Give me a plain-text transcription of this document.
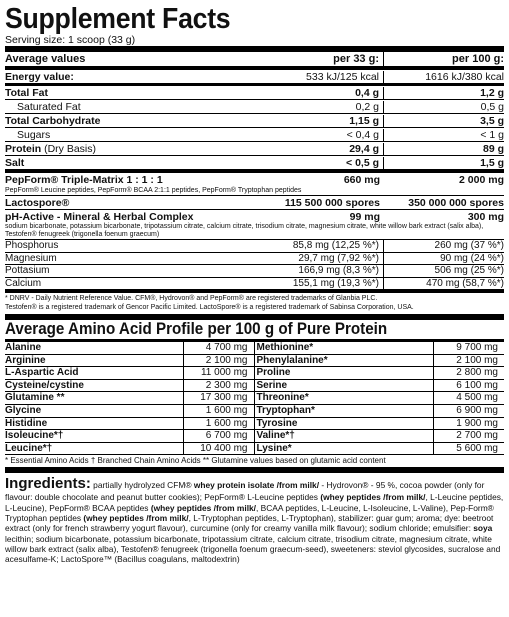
Supplement Facts
Serving size: 1 scoop (33 g)
Average values	per 33 g:	per 100 g:
Energy value:	533 kJ/125 kcal	1616 kJ/380 kcal
Total Fat	0,4 g	1,2 g
Saturated Fat	0,2 g	0,5 g
Total Carbohydrate	1,15 g	3,5 g
Sugars	< 0,4 g	< 1 g
Protein (Dry Basis)	29,4 g	89 g
Salt	< 0,5 g	1,5 g
PepForm® Triple-Matrix 1 : 1 : 1	660 mg	2 000 mg
PepForm® Leucine peptides, PepForm® BCAA 2:1:1 peptides, PepForm® Tryptophan peptides
Lactospore®	115 500 000 spores	350 000 000 spores
pH-Active - Mineral & Herbal Complex	99 mg	300 mg
sodium bicarbonate, potassium bicarbonate, tripotassium citrate, calcium citrate, trisodium citrate, magnesium citrate, white willow bark extract (salix alba), Testofen® fenugreek (trigonella foenum graecum)
Phosphorus	85,8 mg (12,25 %*)	260 mg (37 %*)
Magnesium	29,7 mg (7,92 %*)	90 mg (24 %*)
Pottasium	166,9 mg (8,3 %*)	506 mg (25 %*)
Calcium	155,1 mg (19,3 %*)	470 mg (58,7 %*)
* DNRV - Daily Nutrient Reference Value. CFM®, Hydrovon® and PepForm® are registered trademarks of Glanbia PLC.
Testofen® is a registered trademark of Gencor Pacific Limited. LactoSpore® is a registered trademark of Sabinsa Corporation, USA.
Average Amino Acid Profile per 100 g of Pure Protein
Alanine	4 700 mg
Arginine	2 100 mg
L-Aspartic Acid	11 000 mg
Cysteine/cystine	2 300 mg
Glutamine **	17 300 mg
Glycine	1 600 mg
Histidine	1 600 mg
Isoleucine*†	6 700 mg
Leucine*†	10 400 mg
Methionine*	9 700 mg
Phenylalanine*	2 100 mg
Proline	2 800 mg
Serine	6 100 mg
Threonine*	4 500 mg
Tryptophan*	6 900 mg
Tyrosine	1 900 mg
Valine*†	2 700 mg
Lysine*	5 600 mg
* Essential Amino Acids † Branched Chain Amino Acids ** Glutamine values based on glutamic acid content
Ingredients: partially hydrolyzed CFM® whey protein isolate /from milk/ - Hydrovon® - 95 %, cocoa powder (only for flavour: double chocolate and peanut butter cookies); PepForm® L-Leucine peptides (whey peptides /from milk/, L-Leucine peptides, L-Leucine), PepForm® BCAA peptides (whey peptides /from milk/, BCAA peptides, L-Leucine, L-Isoleucine, L-Valine), Pep-Form® Tryptophan peptides (whey peptides /from milk/, L-Tryptophan peptides, L-Tryptophan), stabilizer: guar gum; aroma; dye: beetroot extract (only for french strawberry yogurt flavour), curcumine (only for creamy vanilla milk flavour); sodium chloride; emulsifier: soya lecithin; sodium bicarbonate, potassium bicarbonate, tripotassium citrate, calcium citrate, trisodium citrate, magnesium citrate, white willow bark extract (salix alba), Testofen® fenugreek (trigonella foenum graecum-seed), sweeteners: steviol glycosides, sucralose and acesulfame-K; LactoSpore™ (Bacillus coagulans, maltodextrin)
